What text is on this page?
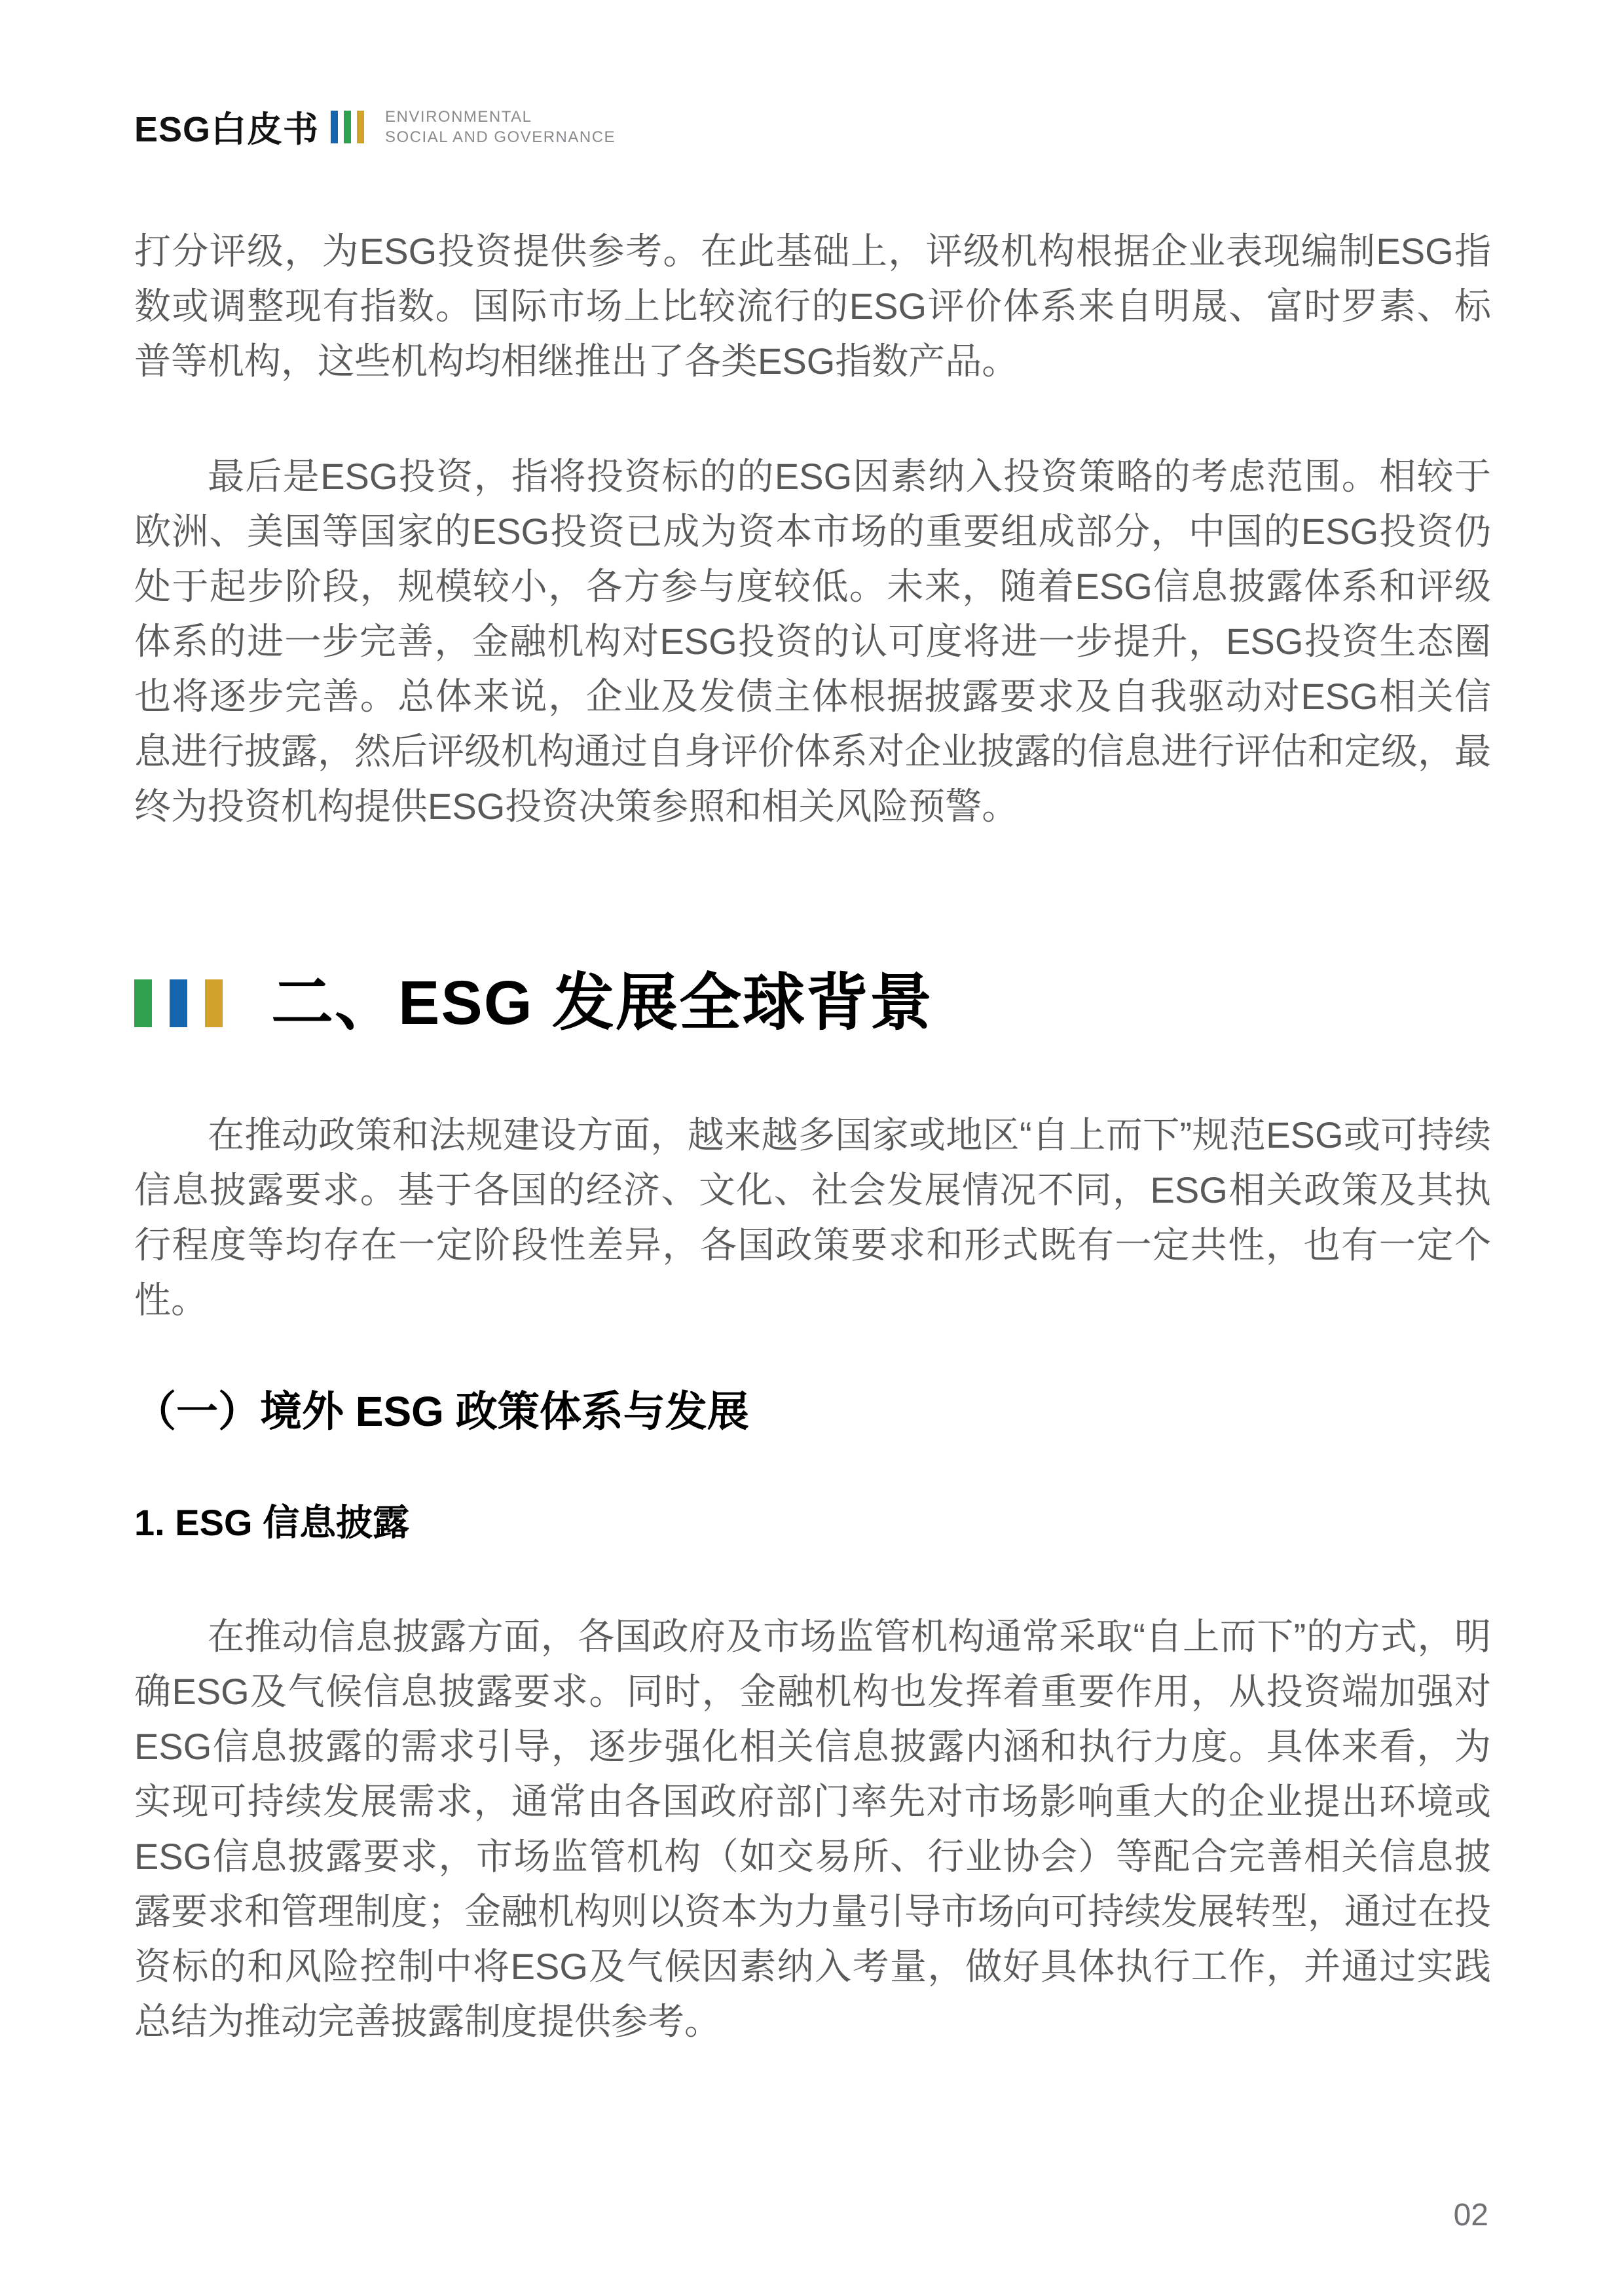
ESG白皮书	ENVIRONMENTAL
SOCIAL AND GOVERNANCE

打分评级，为ESG投资提供参考。在此基础上，评级机构根据企业表现编制ESG指数或调整现有指数。国际市场上比较流行的ESG评价体系来自明晟、富时罗素、标普等机构，这些机构均相继推出了各类ESG指数产品。

最后是ESG投资，指将投资标的的ESG因素纳入投资策略的考虑范围。相较于欧洲、美国等国家的ESG投资已成为资本市场的重要组成部分，中国的ESG投资仍处于起步阶段，规模较小，各方参与度较低。未来，随着ESG信息披露体系和评级体系的进一步完善，金融机构对ESG投资的认可度将进一步提升，ESG投资生态圈也将逐步完善。总体来说，企业及发债主体根据披露要求及自我驱动对ESG相关信息进行披露，然后评级机构通过自身评价体系对企业披露的信息进行评估和定级，最终为投资机构提供ESG投资决策参照和相关风险预警。

二、ESG 发展全球背景

在推动政策和法规建设方面，越来越多国家或地区“自上而下”规范ESG或可持续信息披露要求。基于各国的经济、文化、社会发展情况不同，ESG相关政策及其执行程度等均存在一定阶段性差异，各国政策要求和形式既有一定共性，也有一定个性。

（一）境外 ESG 政策体系与发展
1. ESG 信息披露

在推动信息披露方面，各国政府及市场监管机构通常采取“自上而下”的方式，明确ESG及气候信息披露要求。同时，金融机构也发挥着重要作用，从投资端加强对ESG信息披露的需求引导，逐步强化相关信息披露内涵和执行力度。具体来看，为实现可持续发展需求，通常由各国政府部门率先对市场影响重大的企业提出环境或ESG信息披露要求，市场监管机构（如交易所、行业协会）等配合完善相关信息披露要求和管理制度；金融机构则以资本为力量引导市场向可持续发展转型，通过在投资标的和风险控制中将ESG及气候因素纳入考量，做好具体执行工作，并通过实践总结为推动完善披露制度提供参考。

02
